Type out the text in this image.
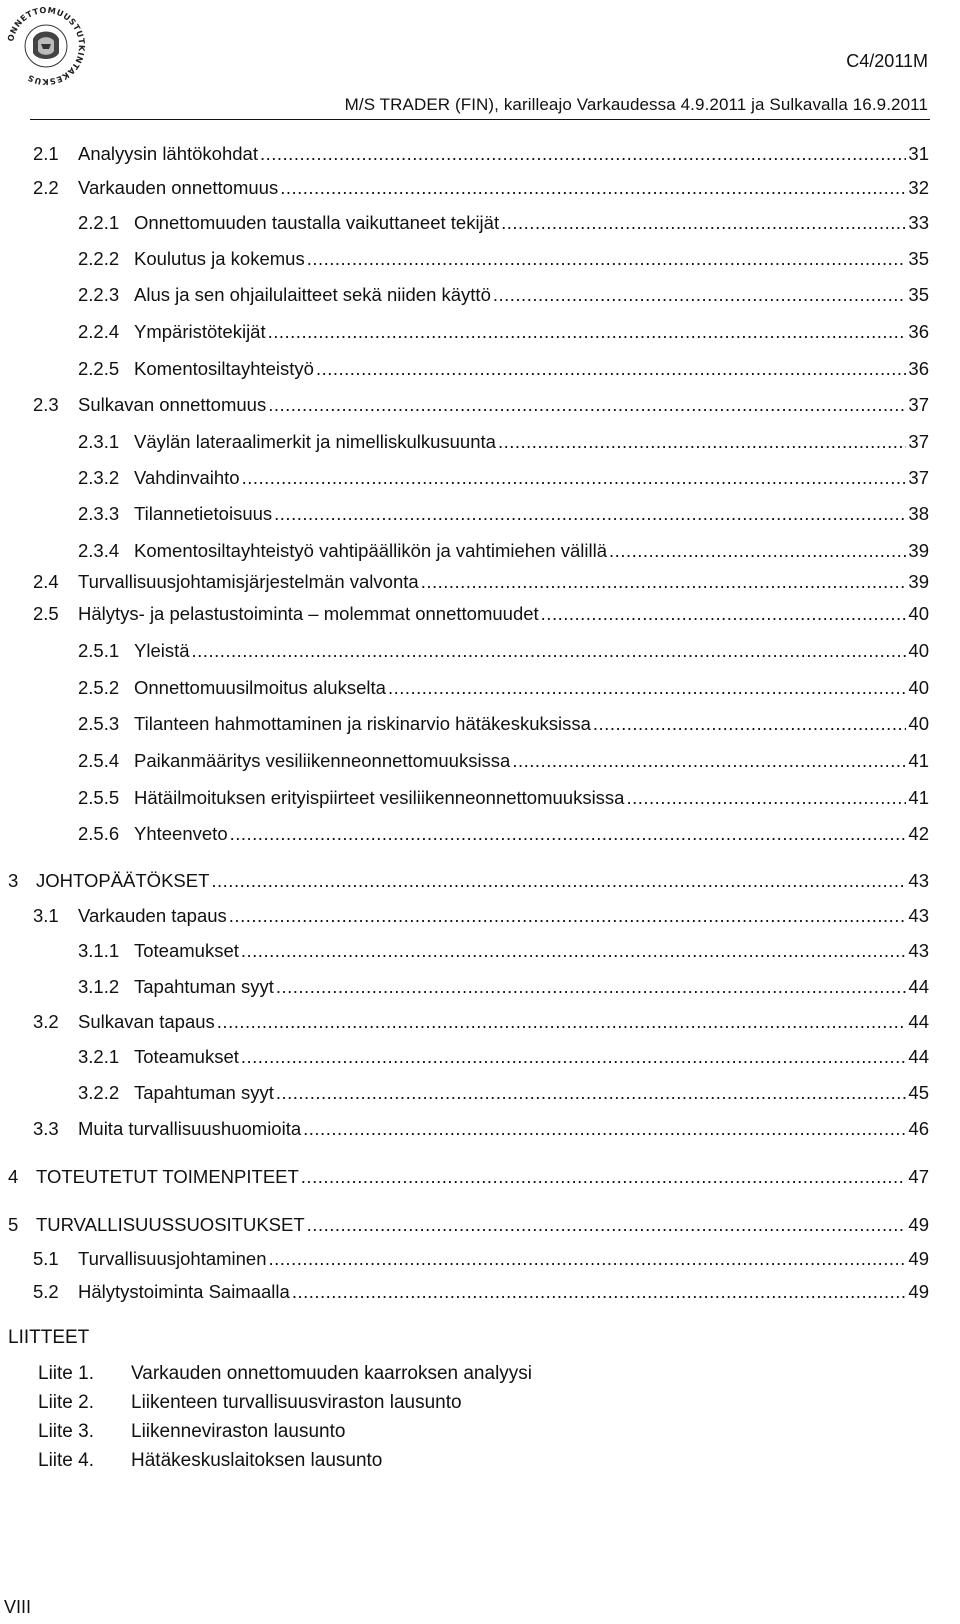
ONNETTOMUUSTUTKINTAKESKUS
C4/2011M
M/S TRADER (FIN), karilleajo Varkaudessa 4.9.2011 ja Sulkavalla 16.9.2011
2.1	Analyysin lähtökohdat .....	31
2.2	Varkauden onnettomuus .....	32
2.2.1 Onnettomuuden taustalla vaikuttaneet tekijät .....	33
2.2.2 Koulutus ja kokemus .....	35
2.2.3 Alus ja sen ohjailulaitteet sekä niiden käyttö .....	35
2.2.4 Ympäristötekijät .....	36
2.2.5 Komentosiltayhteistyö .....	36
2.3	Sulkavan onnettomuus .....	37
2.3.1 Väylän lateraalimerkit ja nimelliskulkusuunta .....	37
2.3.2 Vahdinvaihto .....	37
2.3.3 Tilannetietoisuus .....	38
2.3.4 Komentosiltayhteistyö vahtipäällikön ja vahtimiehen välillä .....	39
2.4	Turvallisuusjohtamisjärjestelmän valvonta .....	39
2.5	Hälytys- ja pelastustoiminta – molemmat onnettomuudet .....	40
2.5.1 Yleistä .....	40
2.5.2 Onnettomuusilmoitus alukselta .....	40
2.5.3 Tilanteen hahmottaminen ja riskinarvio hätäkeskuksissa .....	40
2.5.4 Paikanmääritys vesiliikenneonnettomuuksissa .....	41
2.5.5 Hätäilmoituksen erityispiirteet vesiliikenneonnettomuuksissa .....	41
2.5.6 Yhteenveto .....	42
3 JOHTOPÄÄTÖKSET .....	43
3.1	Varkauden tapaus .....	43
3.1.1 Toteamukset .....	43
3.1.2 Tapahtuman syyt .....	44
3.2	Sulkavan tapaus .....	44
3.2.1 Toteamukset .....	44
3.2.2 Tapahtuman syyt .....	45
3.3	Muita turvallisuushuomioita .....	46
4 TOTEUTETUT TOIMENPITEET .....	47
5 TURVALLISUUSSUOSITUKSET .....	49
5.1	Turvallisuusjohtaminen .....	49
5.2	Hälytystoiminta Saimaalla .....	49
LIITTEET
Liite 1.	Varkauden onnettomuuden kaarroksen analyysi
Liite 2.	Liikenteen turvallisuusviraston lausunto
Liite 3.	Liikenneviraston lausunto
Liite 4.	Hätäkeskuslaitoksen lausunto
VIII
